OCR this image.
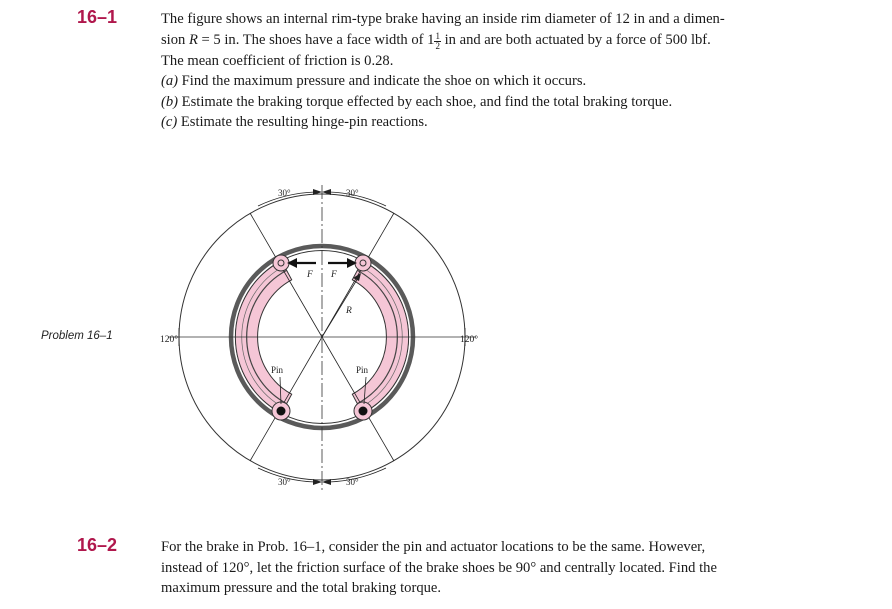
16–1	The figure shows an internal rim-type brake having an inside rim diameter of 12 in and a dimen-

sion R = 5 in. The shoes have a face width of $1 \frac{1}{2}$ in and are both actuated by a force of 500 lbf.

The mean coefficient of friction is 0.28.

(a) Find the maximum pressure and indicate the shoe on which it occurs.

(b) Estimate the braking torque effected by each shoe, and find the total braking torque.

(c) Estimate the resulting hinge-pin reactions.

Problem 16–1
30°	30°
30°	30°
120°	120°
F F
R
Pin	Pin
16–2	For the brake in Prob. 16–1, consider the pin and actuator locations to be the same. However,

instead of 120°, let the friction surface of the brake shoes be 90° and centrally located. Find the

maximum pressure and the total braking torque.
